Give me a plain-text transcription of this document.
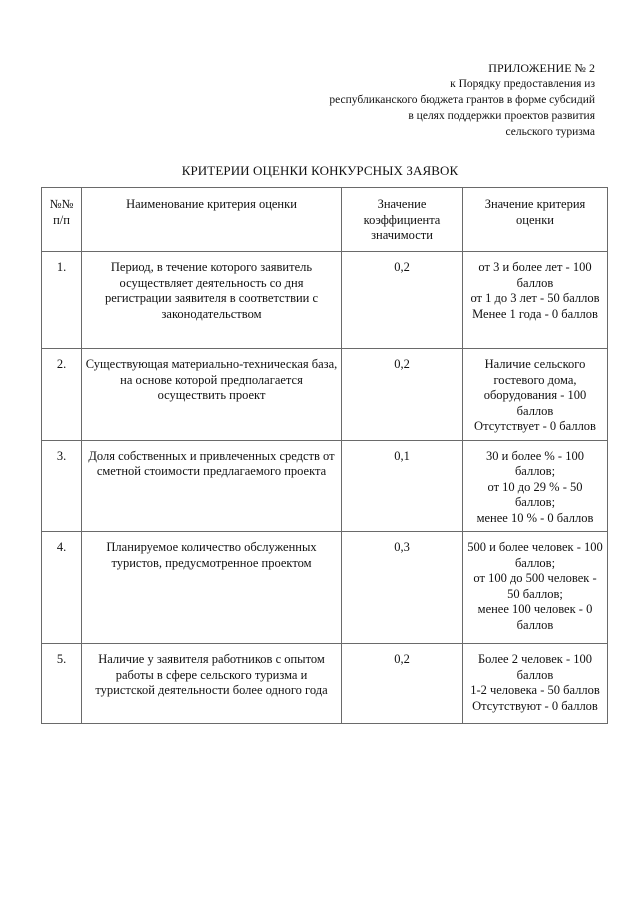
ПРИЛОЖЕНИЕ № 2
к Порядку предоставления из
республиканского бюджета грантов в форме субсидий
в целях поддержки проектов развития
сельского туризма
КРИТЕРИИ ОЦЕНКИ КОНКУРСНЫХ ЗАЯВОК
№№ п/п	Наименование критерия оценки	Значение коэффициента значимости	Значение критерия оценки
1.	Период, в течение которого заявитель осуществляет деятельность со дня регистрации заявителя в соответствии с законодательством	0,2	от 3 и более лет - 100 баллов
от 1 до 3 лет - 50 баллов
Менее 1 года - 0 баллов
2.	Существующая материально-техническая база, на основе которой предполагается осуществить проект	0,2	Наличие сельского гостевого дома, оборудования - 100 баллов
Отсутствует - 0 баллов
3.	Доля собственных и привлеченных средств от сметной стоимости предлагаемого проекта	0,1	30 и более % - 100 баллов;
от 10 до 29 % - 50 баллов;
менее 10 % - 0 баллов
4.	Планируемое количество обслуженных туристов, предусмотренное проектом	0,3	500 и более человек - 100 баллов;
от 100 до 500 человек - 50 баллов;
менее 100 человек - 0 баллов
5.	Наличие у заявителя работников с опытом работы в сфере сельского туризма и туристской деятельности более одного года	0,2	Более 2 человек - 100 баллов
1-2 человека - 50 баллов
Отсутствуют - 0 баллов
